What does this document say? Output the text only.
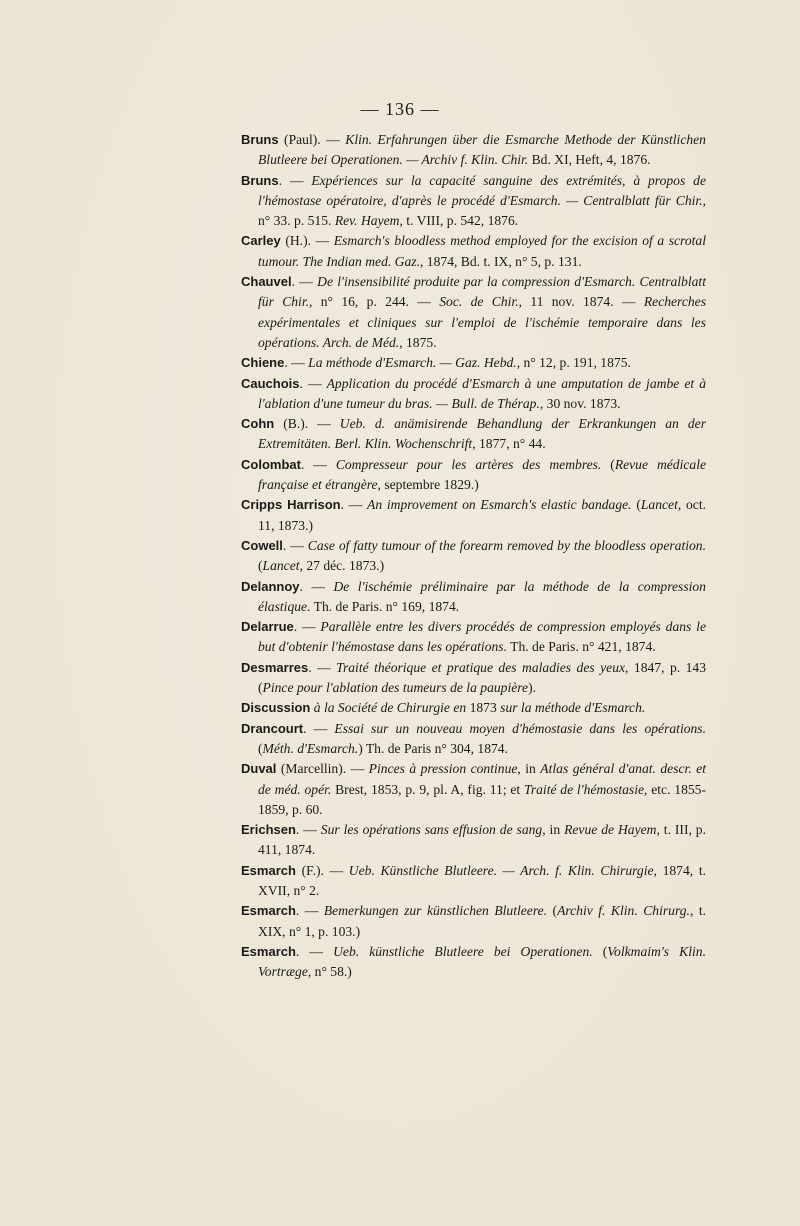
— 136 —

Bruns (Paul). — Klin. Erfahrungen über die Esmarche Methode der Künstlichen Blutleere bei Operationen. — Archiv f. Klin. Chir. Bd. XI, Heft, 4, 1876.

Bruns. — Expériences sur la capacité sanguine des extrémités, à propos de l'hémostase opératoire, d'après le procédé d'Esmarch. — Centralblatt für Chir., n° 33. p. 515. Rev. Hayem, t. VIII, p. 542, 1876.

Carley (H.). — Esmarch's bloodless method employed for the excision of a scrotal tumour. The Indian med. Gaz., 1874, Bd. t. IX, n° 5, p. 131.

Chauvel. — De l'insensibilité produite par la compression d'Esmarch. Centralblatt für Chir., n° 16, p. 244. — Soc. de Chir., 11 nov. 1874. — Recherches expérimentales et cliniques sur l'emploi de l'ischémie temporaire dans les opérations. Arch. de Méd., 1875.

Chiene. — La méthode d'Esmarch. — Gaz. Hebd., n° 12, p. 191, 1875.

Cauchois. — Application du procédé d'Esmarch à une amputation de jambe et à l'ablation d'une tumeur du bras. — Bull. de Thérap., 30 nov. 1873.

Cohn (B.). — Ueb. d. anämisirende Behandlung der Erkrankungen an der Extremitäten. Berl. Klin. Wochenschrift, 1877, n° 44.

Colombat. — Compresseur pour les artères des membres. (Revue médicale française et étrangère, septembre 1829.)

Cripps Harrison. — An improvement on Esmarch's elastic bandage. (Lancet, oct. 11, 1873.)

Cowell. — Case of fatty tumour of the forearm removed by the bloodless operation. (Lancet, 27 déc. 1873.)

Delannoy. — De l'ischémie préliminaire par la méthode de la compression élastique. Th. de Paris. n° 169, 1874.

Delarrue. — Parallèle entre les divers procédés de compression employés dans le but d'obtenir l'hémostase dans les opérations. Th. de Paris. n° 421, 1874.

Desmarres. — Traité théorique et pratique des maladies des yeux, 1847, p. 143 (Pince pour l'ablation des tumeurs de la paupière).

Discussion à la Société de Chirurgie en 1873 sur la méthode d'Esmarch.

Drancourt. — Essai sur un nouveau moyen d'hémostasie dans les opérations. (Méth. d'Esmarch.) Th. de Paris n° 304, 1874.

Duval (Marcellin). — Pinces à pression continue, in Atlas général d'anat. descr. et de méd. opér. Brest, 1853, p. 9, pl. A, fig. 11; et Traité de l'hémostasie, etc. 1855-1859, p. 60.

Erichsen. — Sur les opérations sans effusion de sang, in Revue de Hayem, t. III, p. 411, 1874.

Esmarch (F.). — Ueb. Künstliche Blutleere. — Arch. f. Klin. Chirurgie, 1874, t. XVII, n° 2.

Esmarch. — Bemerkungen zur künstlichen Blutleere. (Archiv f. Klin. Chirurg., t. XIX, n° 1, p. 103.)

Esmarch. — Ueb. künstliche Blutleere bei Operationen. (Volkmaim's Klin. Vortræge, n° 58.)
